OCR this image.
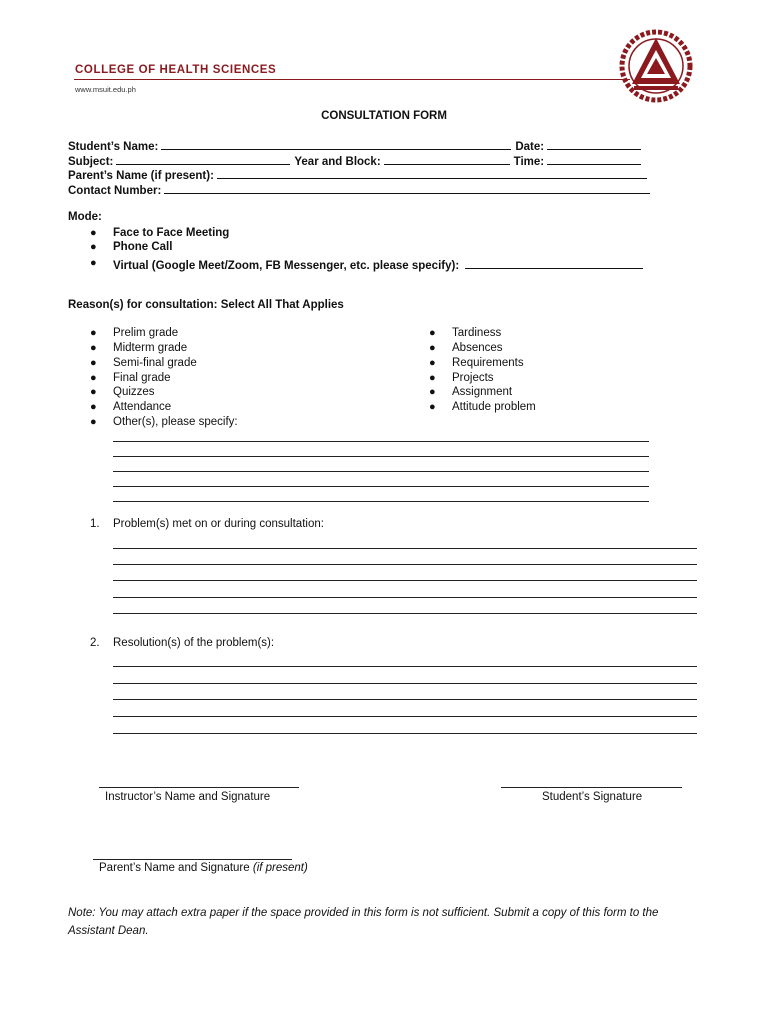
COLLEGE OF HEALTH SCIENCES
www.msuit.edu.ph
CONSULTATION FORM
Student’s Name:	Date:
Subject:	Year and Block:	Time:
Parent’s Name (if present):
Contact Number:
Mode:
● Face to Face Meeting
● Phone Call
● Virtual (Google Meet/Zoom, FB Messenger, etc. please specify):
Reason(s) for consultation: Select All That Applies
● Prelim grade
● Midterm grade
● Semi-final grade
● Final grade
● Quizzes
● Attendance
● Other(s), please specify:
● Tardiness
● Absences
● Requirements
● Projects
● Assignment
● Attitude problem
1. Problem(s) met on or during consultation:
2. Resolution(s) of the problem(s):
Instructor’s Name and Signature	Student’s Signature
Parent’s Name and Signature (if present)
Note: You may attach extra paper if the space provided in this form is not sufficient. Submit a copy of this form to the Assistant Dean.
